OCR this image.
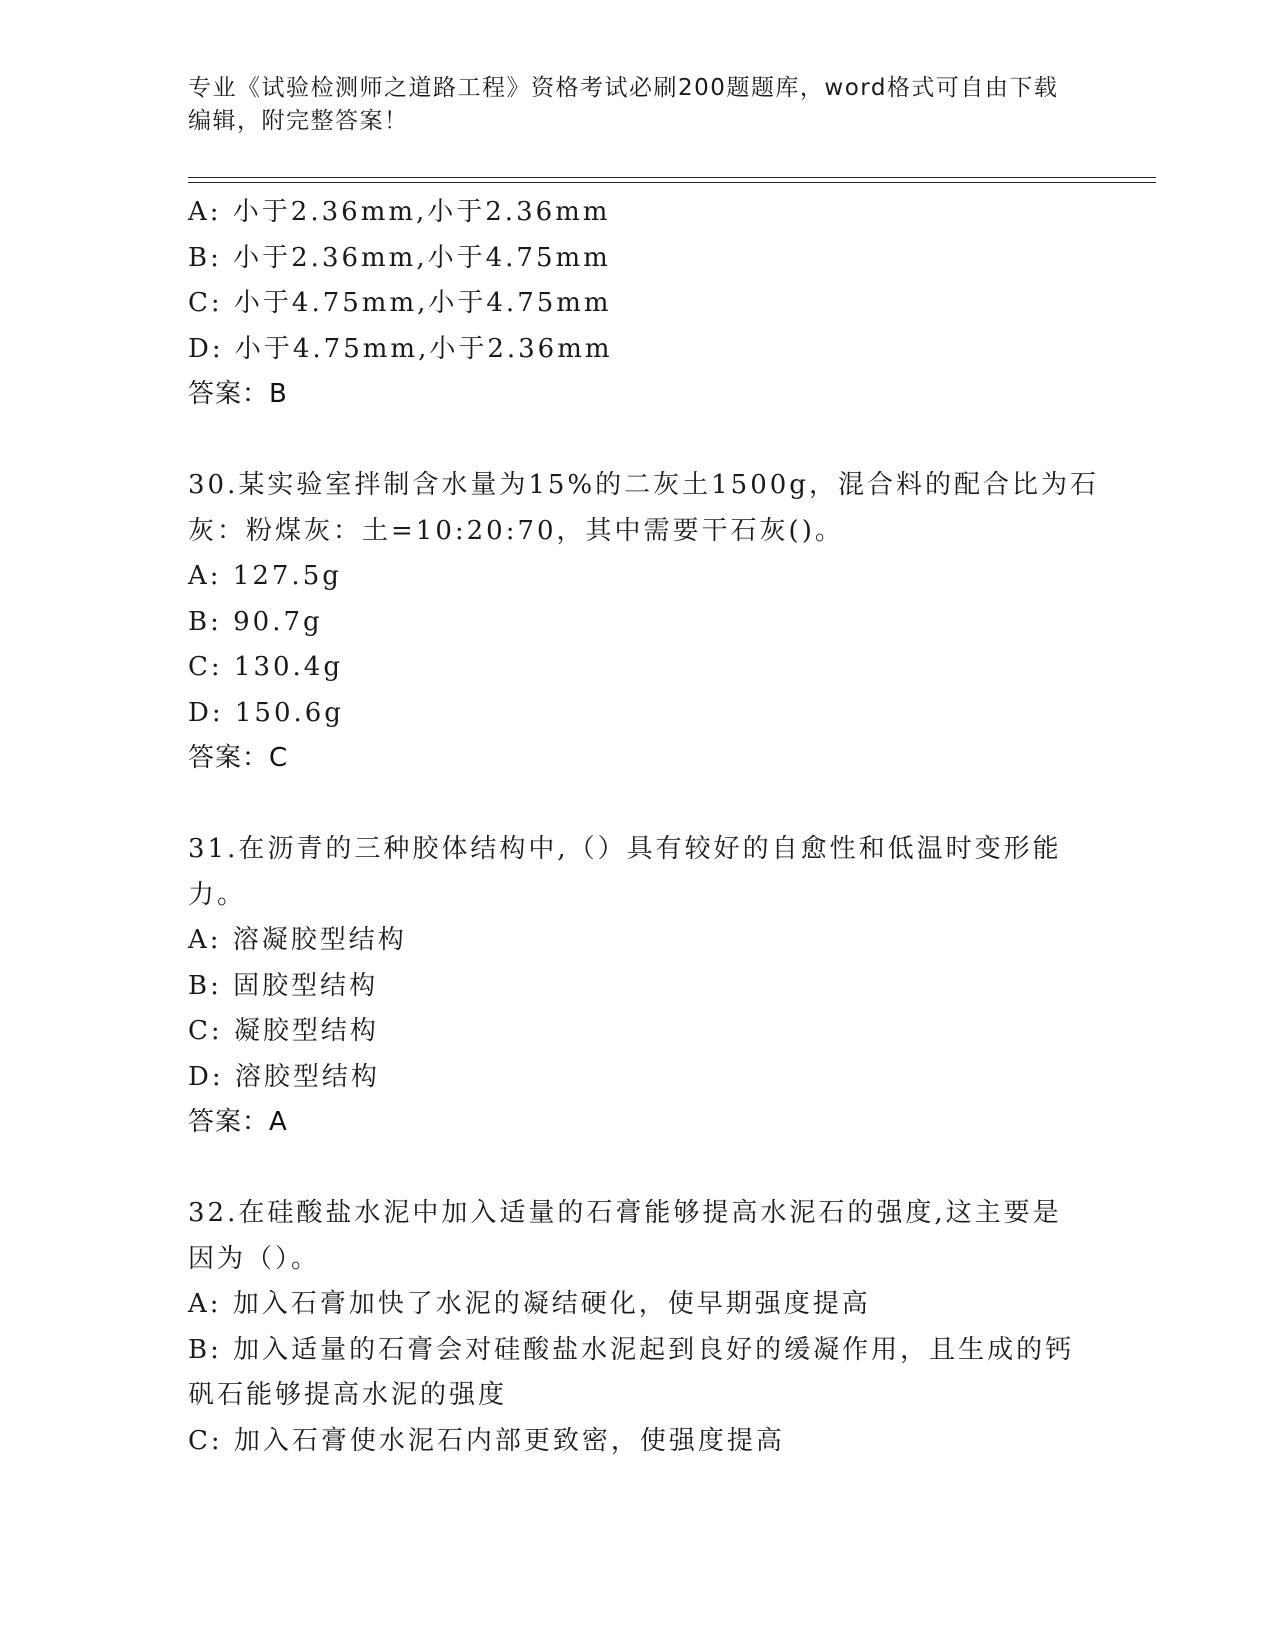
专业《试验检测师之道路工程》资格考试必刷200题题库，word格式可自由下载
编辑，附完整答案！
A: 小于2.36mm,小于2.36mm
B: 小于2.36mm,小于4.75mm
C: 小于4.75mm,小于4.75mm
D: 小于4.75mm,小于2.36mm
答案：B
30.某实验室拌制含水量为15%的二灰土1500g，混合料的配合比为石
灰：粉煤灰：土=10:20:70，其中需要干石灰()。
A: 127.5g
B: 90.7g
C: 130.4g
D: 150.6g
答案：C
31.在沥青的三种胶体结构中,（）具有较好的自愈性和低温时变形能
力。
A: 溶凝胶型结构
B: 固胶型结构
C: 凝胶型结构
D: 溶胶型结构
答案：A
32.在硅酸盐水泥中加入适量的石膏能够提高水泥石的强度,这主要是
因为（）。
A: 加入石膏加快了水泥的凝结硬化，使早期强度提高
B: 加入适量的石膏会对硅酸盐水泥起到良好的缓凝作用，且生成的钙
矾石能够提高水泥的强度
C: 加入石膏使水泥石内部更致密，使强度提高
